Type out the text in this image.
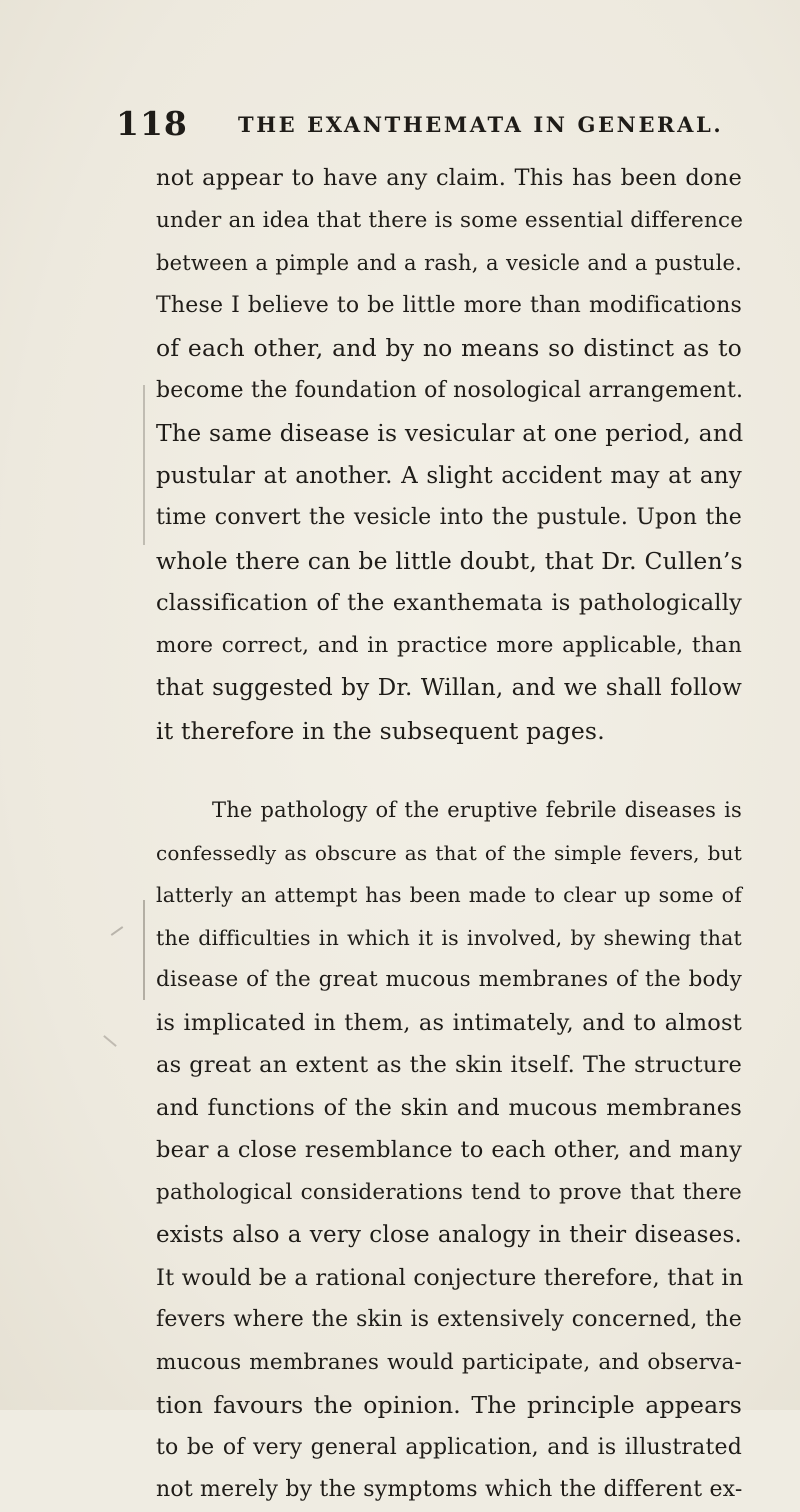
118 THE EXANTHEMATA IN GENERAL.
not appear to have any claim. This has been done
under an idea that there is some essential difference
between a pimple and a rash, a vesicle and a pustule.
These I believe to be little more than modifications
of each other, and by no means so distinct as to
become the foundation of nosological arrangement.
The same disease is vesicular at one period, and
pustular at another. A slight accident may at any
time convert the vesicle into the pustule. Upon the
whole there can be little doubt, that Dr. Cullen’s
classification of the exanthemata is pathologically
more correct, and in practice more applicable, than
that suggested by Dr. Willan, and we shall follow
it therefore in the subsequent pages.
The pathology of the eruptive febrile diseases is
confessedly as obscure as that of the simple fevers, but
latterly an attempt has been made to clear up some of
the difficulties in which it is involved, by shewing that
disease of the great mucous membranes of the body
is implicated in them, as intimately, and to almost
as great an extent as the skin itself. The structure
and functions of the skin and mucous membranes
bear a close resemblance to each other, and many
pathological considerations tend to prove that there
exists also a very close analogy in their diseases.
It would be a rational conjecture therefore, that in
fevers where the skin is extensively concerned, the
mucous membranes would participate, and observa-
tion favours the opinion. The principle appears
to be of very general application, and is illustrated
not merely by the symptoms which the different ex-
